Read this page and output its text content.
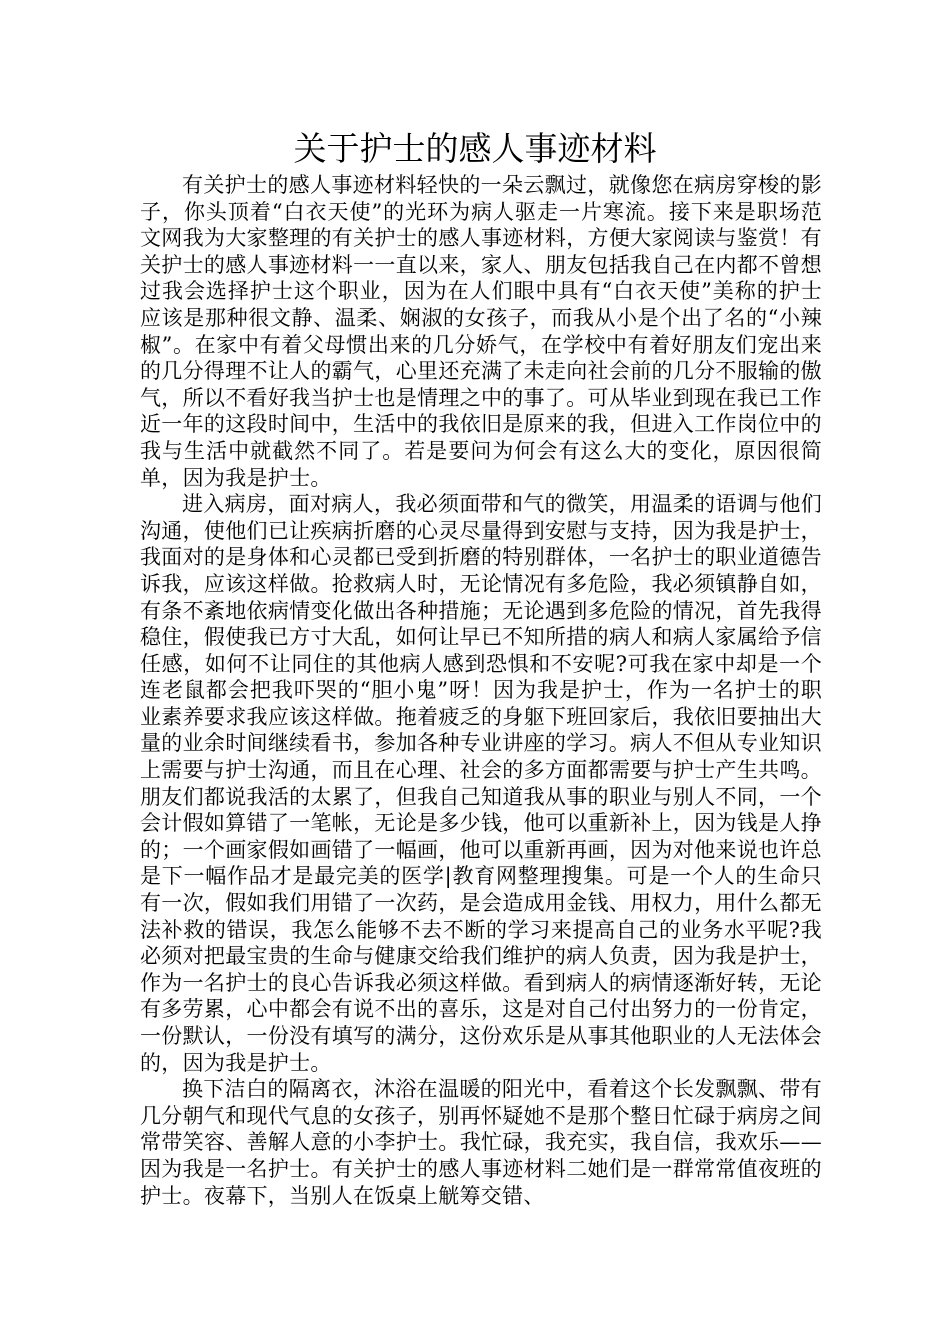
关于护士的感人事迹材料

有关护士的感人事迹材料轻快的一朵云飘过，就像您在病房穿梭的影子，你头顶着“白衣天使”的光环为病人驱走一片寒流。接下来是职场范文网我为大家整理的有关护士的感人事迹材料，方便大家阅读与鉴赏！有关护士的感人事迹材料一一直以来，家人、朋友包括我自己在内都不曾想过我会选择护士这个职业，因为在人们眼中具有“白衣天使”美称的护士应该是那种很文静、温柔、娴淑的女孩子，而我从小是个出了名的“小辣椒”。在家中有着父母惯出来的几分娇气，在学校中有着好朋友们宠出来的几分得理不让人的霸气，心里还充满了未走向社会前的几分不服输的傲气，所以不看好我当护士也是情理之中的事了。可从毕业到现在我已工作近一年的这段时间中，生活中的我依旧是原来的我，但进入工作岗位中的我与生活中就截然不同了。若是要问为何会有这么大的变化，原因很简单，因为我是护士。

进入病房，面对病人，我必须面带和气的微笑，用温柔的语调与他们沟通，使他们已让疾病折磨的心灵尽量得到安慰与支持，因为我是护士，我面对的是身体和心灵都已受到折磨的特别群体，一名护士的职业道德告诉我，应该这样做。抢救病人时，无论情况有多危险，我必须镇静自如，有条不紊地依病情变化做出各种措施；无论遇到多危险的情况，首先我得稳住，假使我已方寸大乱，如何让早已不知所措的病人和病人家属给予信任感，如何不让同住的其他病人感到恐惧和不安呢?可我在家中却是一个连老鼠都会把我吓哭的“胆小鬼”呀！因为我是护士，作为一名护士的职业素养要求我应该这样做。拖着疲乏的身躯下班回家后，我依旧要抽出大量的业余时间继续看书，参加各种专业讲座的学习。病人不但从专业知识上需要与护士沟通，而且在心理、社会的多方面都需要与护士产生共鸣。朋友们都说我活的太累了，但我自己知道我从事的职业与别人不同，一个会计假如算错了一笔帐，无论是多少钱，他可以重新补上，因为钱是人挣的；一个画家假如画错了一幅画，他可以重新再画，因为对他来说也许总是下一幅作品才是最完美的医学|教育网整理搜集。可是一个人的生命只有一次，假如我们用错了一次药，是会造成用金钱、用权力，用什么都无法补救的错误，我怎么能够不去不断的学习来提高自己的业务水平呢?我必须对把最宝贵的生命与健康交给我们维护的病人负责，因为我是护士，作为一名护士的良心告诉我必须这样做。看到病人的病情逐渐好转，无论有多劳累，心中都会有说不出的喜乐，这是对自己付出努力的一份肯定，一份默认，一份没有填写的满分，这份欢乐是从事其他职业的人无法体会的，因为我是护士。

换下洁白的隔离衣，沐浴在温暖的阳光中，看着这个长发飘飘、带有几分朝气和现代气息的女孩子，别再怀疑她不是那个整日忙碌于病房之间常带笑容、善解人意的小李护士。我忙碌，我充实，我自信，我欢乐——因为我是一名护士。有关护士的感人事迹材料二她们是一群常常值夜班的护士。夜幕下，当别人在饭桌上觥筹交错、
